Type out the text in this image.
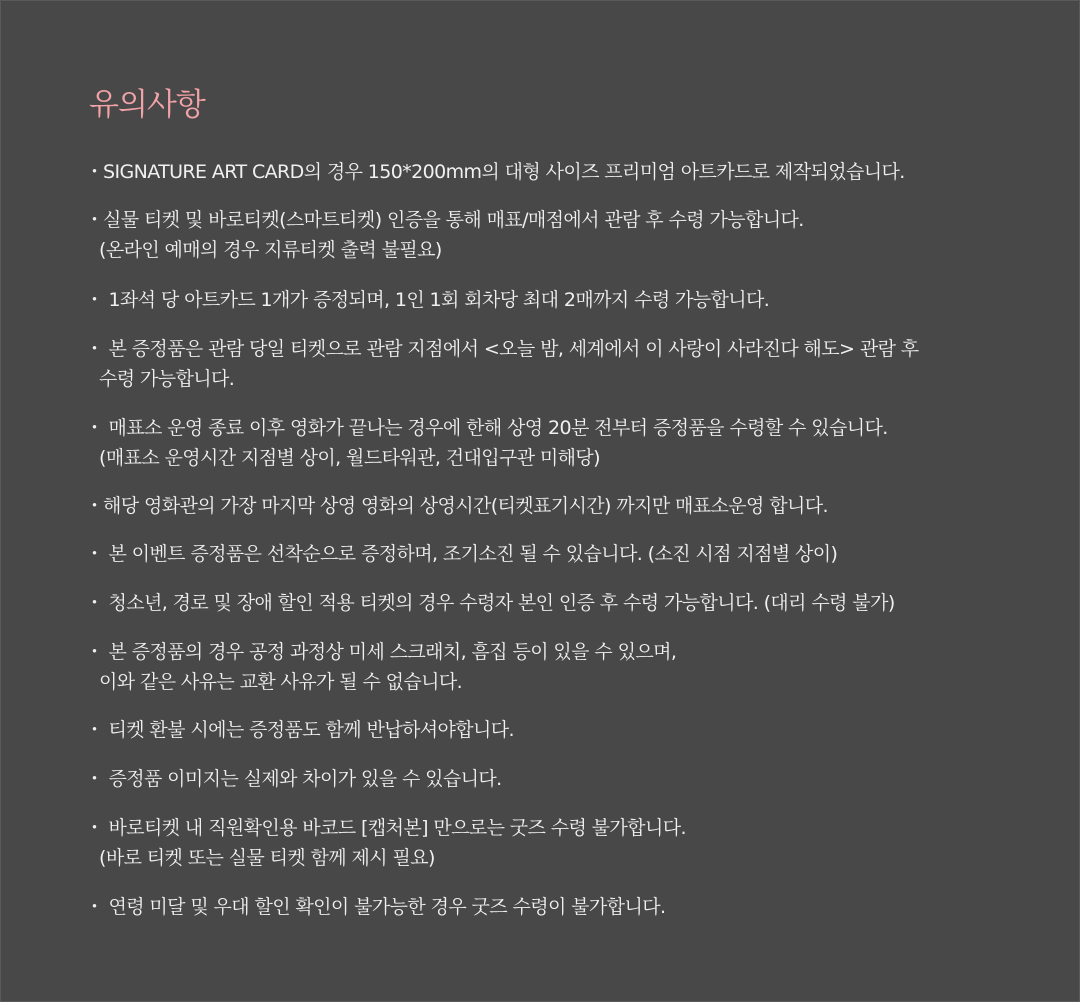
유의사항
・SIGNATURE ART CARD의 경우 150*200mm의 대형 사이즈 프리미엄 아트카드로 제작되었습니다.
・실물 티켓 및 바로티켓(스마트티켓) 인증을 통해 매표/매점에서 관람 후 수령 가능합니다.
(온라인 예매의 경우 지류티켓 출력 불필요)
・ 1좌석 당 아트카드 1개가 증정되며, 1인 1회 회차당 최대 2매까지 수령 가능합니다.
・ 본 증정품은 관람 당일 티켓으로 관람 지점에서 <오늘 밤, 세계에서 이 사랑이 사라진다 해도> 관람 후
수령 가능합니다.
・ 매표소 운영 종료 이후 영화가 끝나는 경우에 한해 상영 20분 전부터 증정품을 수령할 수 있습니다.
(매표소 운영시간 지점별 상이, 월드타워관, 건대입구관 미해당)
・해당 영화관의 가장 마지막 상영 영화의 상영시간(티켓표기시간) 까지만 매표소운영 합니다.
・ 본 이벤트 증정품은 선착순으로 증정하며, 조기소진 될 수 있습니다. (소진 시점 지점별 상이)
・ 청소년, 경로 및 장애 할인 적용 티켓의 경우 수령자 본인 인증 후 수령 가능합니다. (대리 수령 불가)
・ 본 증정품의 경우 공정 과정상 미세 스크래치, 흠집 등이 있을 수 있으며,
이와 같은 사유는 교환 사유가 될 수 없습니다.
・ 티켓 환불 시에는 증정품도 함께 반납하셔야합니다.
・ 증정품 이미지는 실제와 차이가 있을 수 있습니다.
・ 바로티켓 내 직원확인용 바코드 [캡처본] 만으로는 굿즈 수령 불가합니다.
(바로 티켓 또는 실물 티켓 함께 제시 필요)
・ 연령 미달 및 우대 할인 확인이 불가능한 경우 굿즈 수령이 불가합니다.
